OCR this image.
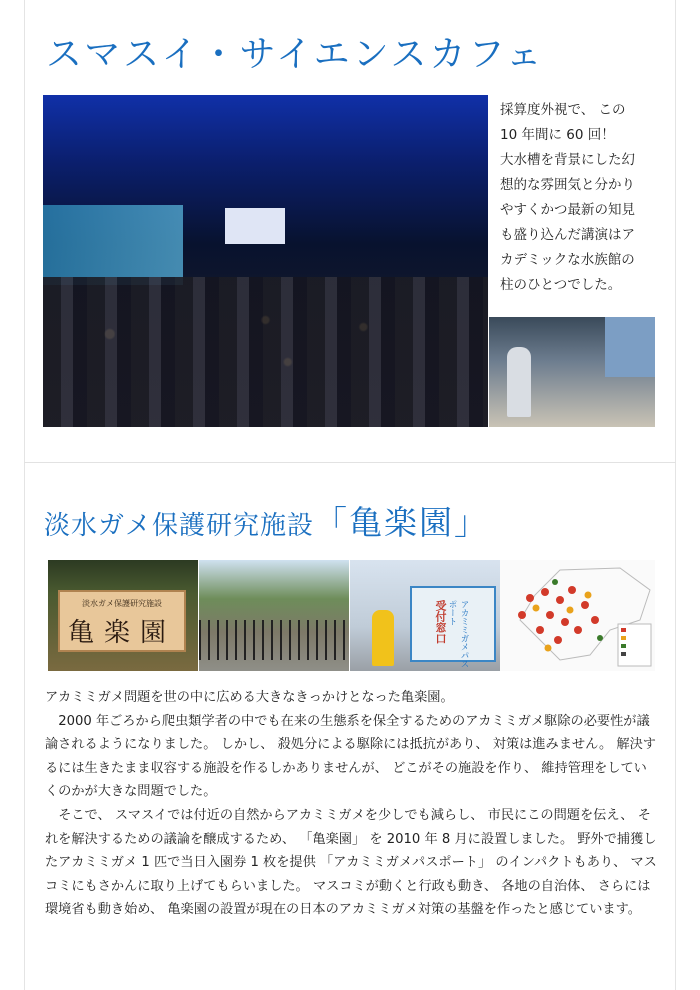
スマスイ・サイエンスカフェ
採算度外視で、 この
10 年間に 60 回！
大水槽を背景にした幻
想的な雰囲気と分かり
やすくかつ最新の知見
も盛り込んだ講演はア
カデミックな水族館の
柱のひとつでした。
淡水ガメ保護研究施設「亀楽園」
淡水ガメ保護研究施設
亀楽園	アカミミガメパスポート
受付窓口

アカミミガメ問題を世の中に広める大きなきっかけとなった亀楽園。

2000 年ごろから爬虫類学者の中でも在来の生態系を保全するためのアカミミガメ駆除の必要性が議論されるようになりました。 しかし、 殺処分による駆除には抵抗があり、 対策は進みません。 解決するには生きたまま収容する施設を作るしかありませんが、 どこがその施設を作り、 維持管理をしていくのかが大きな問題でした。

そこで、 スマスイでは付近の自然からアカミミガメを少しでも減らし、 市民にこの問題を伝え、 それを解決するための議論を醸成するため、 「亀楽園」 を 2010 年 8 月に設置しました。 野外で捕獲したアカミミガメ 1 匹で当日入園券 1 枚を提供 「アカミミガメパスポート」 のインパクトもあり、 マスコミにもさかんに取り上げてもらいました。 マスコミが動くと行政も動き、 各地の自治体、 さらには環境省も動き始め、 亀楽園の設置が現在の日本のアカミミガメ対策の基盤を作ったと感じています。
